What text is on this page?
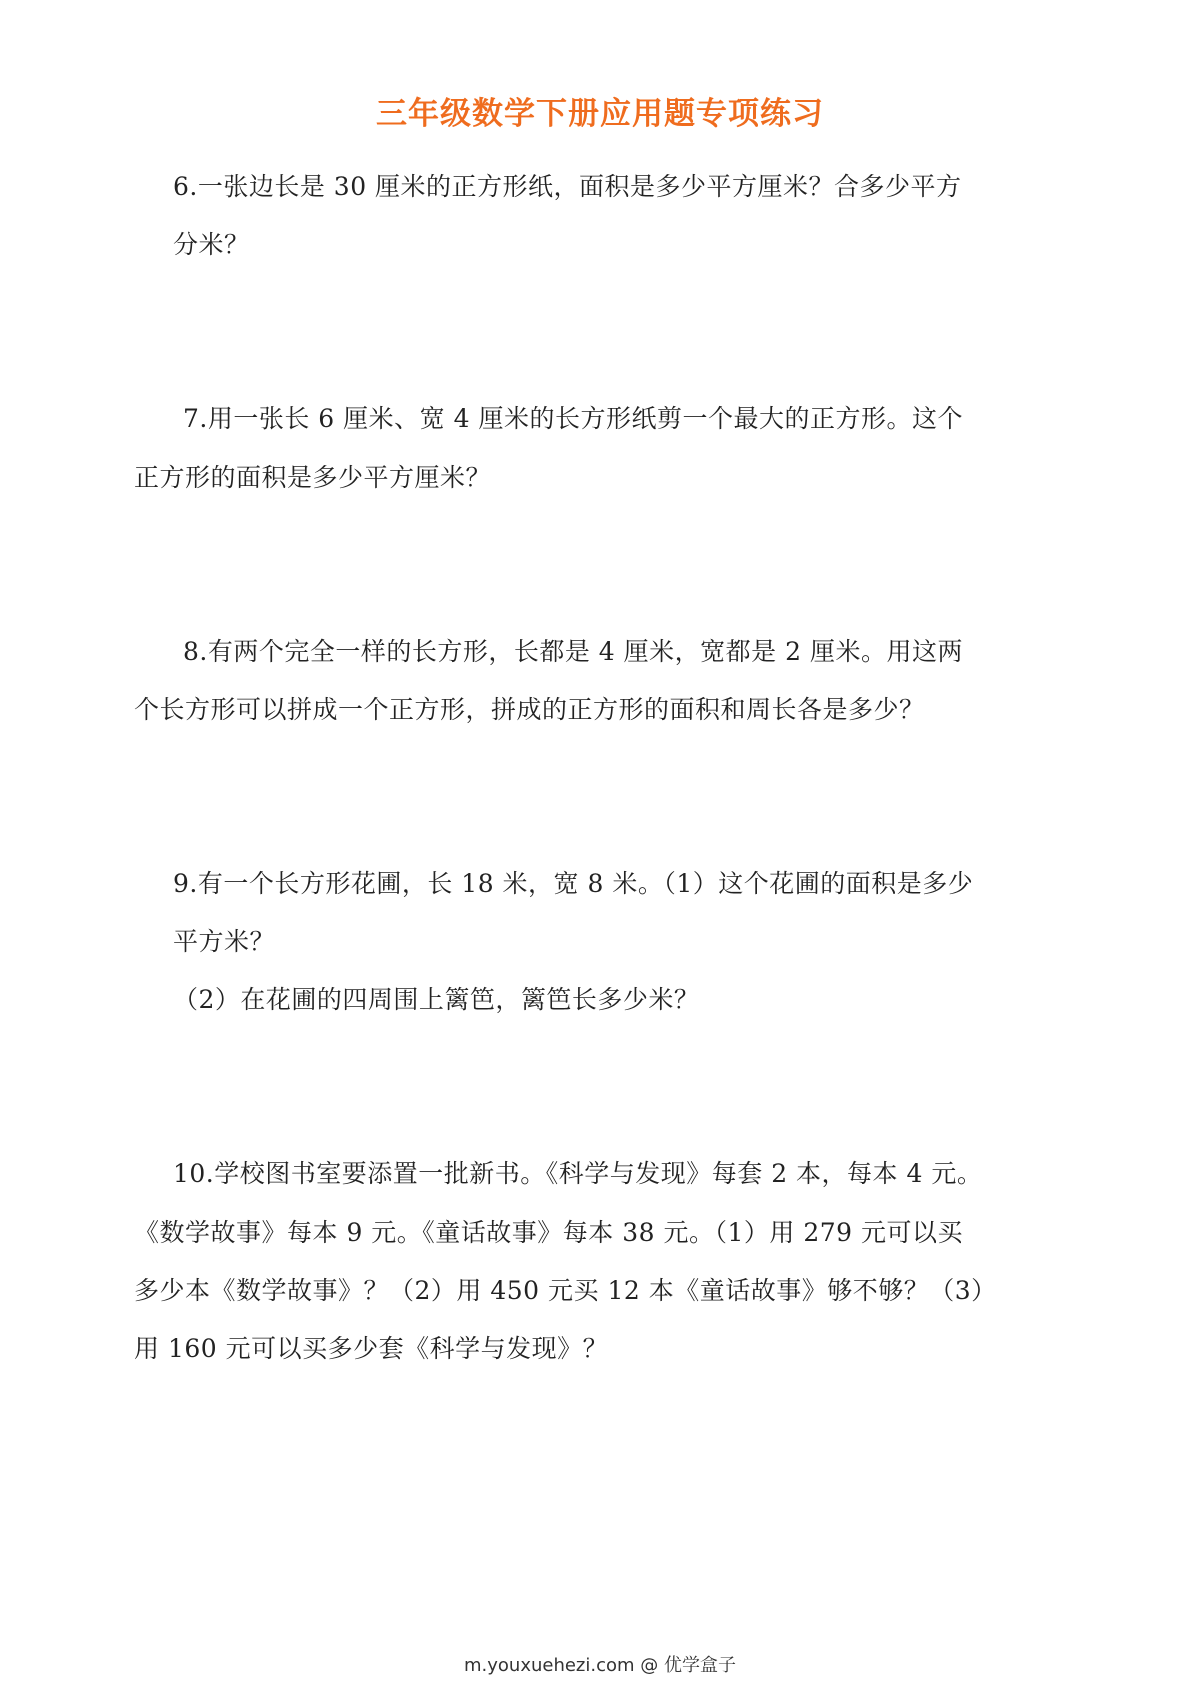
三年级数学下册应用题专项练习
6.一张边长是 30 厘米的正方形纸，面积是多少平方厘米？合多少平方
分米？
7.用一张长 6 厘米、宽 4 厘米的长方形纸剪一个最大的正方形。这个
正方形的面积是多少平方厘米？
8.有两个完全一样的长方形，长都是 4 厘米，宽都是 2 厘米。用这两
个长方形可以拼成一个正方形，拼成的正方形的面积和周长各是多少？
9.有一个长方形花圃，长 18 米，宽 8 米。（1）这个花圃的面积是多少
平方米？
（2）在花圃的四周围上篱笆，篱笆长多少米？
10.学校图书室要添置一批新书。《科学与发现》每套 2 本，每本 4 元。
《数学故事》每本 9 元。《童话故事》每本 38 元。（1）用 279 元可以买
多少本《数学故事》？（2）用 450 元买 12 本《童话故事》够不够？（3）
用 160 元可以买多少套《科学与发现》？
m.youxuehezi.com @ 优学盒子
